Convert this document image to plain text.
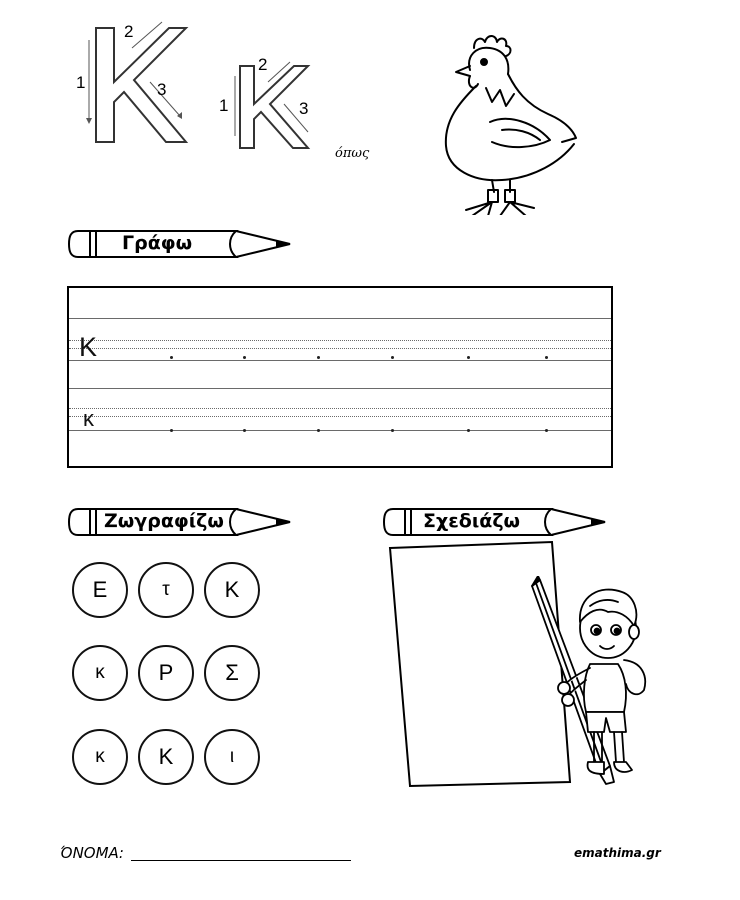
1
2
3
1
2
3
όπως
Γράφω
K
κ
Ζωγραφίζω	Σχεδιάζω
Ε	τ	Κ
κ	Ρ	Σ
κ	Κ	ι
ΌΝΟΜΑ:	emathima.gr
